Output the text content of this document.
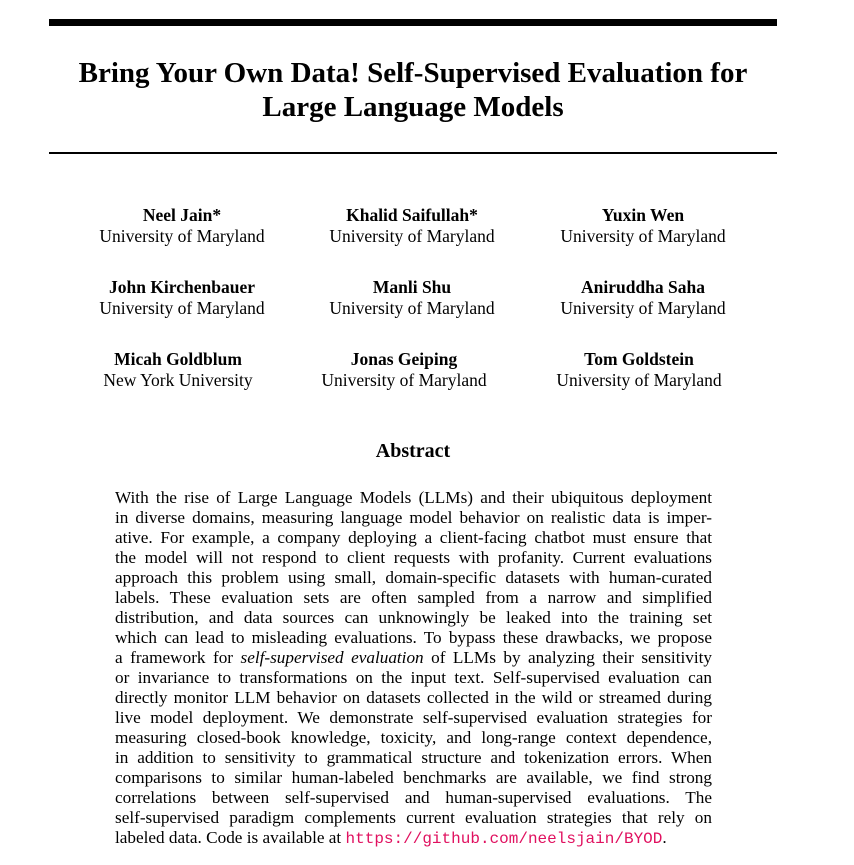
Bring Your Own Data! Self-Supervised Evaluation for
Large Language Models
Neel Jain*
University of Maryland
Khalid Saifullah*
University of Maryland
Yuxin Wen
University of Maryland
John Kirchenbauer
University of Maryland
Manli Shu
University of Maryland
Aniruddha Saha
University of Maryland
Micah Goldblum
New York University
Jonas Geiping
University of Maryland
Tom Goldstein
University of Maryland
Abstract
With the rise of Large Language Models (LLMs) and their ubiquitous deployment
in diverse domains, measuring language model behavior on realistic data is imper-
ative. For example, a company deploying a client-facing chatbot must ensure that
the model will not respond to client requests with profanity. Current evaluations
approach this problem using small, domain-specific datasets with human-curated
labels. These evaluation sets are often sampled from a narrow and simplified
distribution, and data sources can unknowingly be leaked into the training set
which can lead to misleading evaluations. To bypass these drawbacks, we propose
a framework for self-supervised evaluation of LLMs by analyzing their sensitivity
or invariance to transformations on the input text. Self-supervised evaluation can
directly monitor LLM behavior on datasets collected in the wild or streamed during
live model deployment. We demonstrate self-supervised evaluation strategies for
measuring closed-book knowledge, toxicity, and long-range context dependence,
in addition to sensitivity to grammatical structure and tokenization errors. When
comparisons to similar human-labeled benchmarks are available, we find strong
correlations between self-supervised and human-supervised evaluations. The
self-supervised paradigm complements current evaluation strategies that rely on
labeled data. Code is available at https://github.com/neelsjain/BYOD.
